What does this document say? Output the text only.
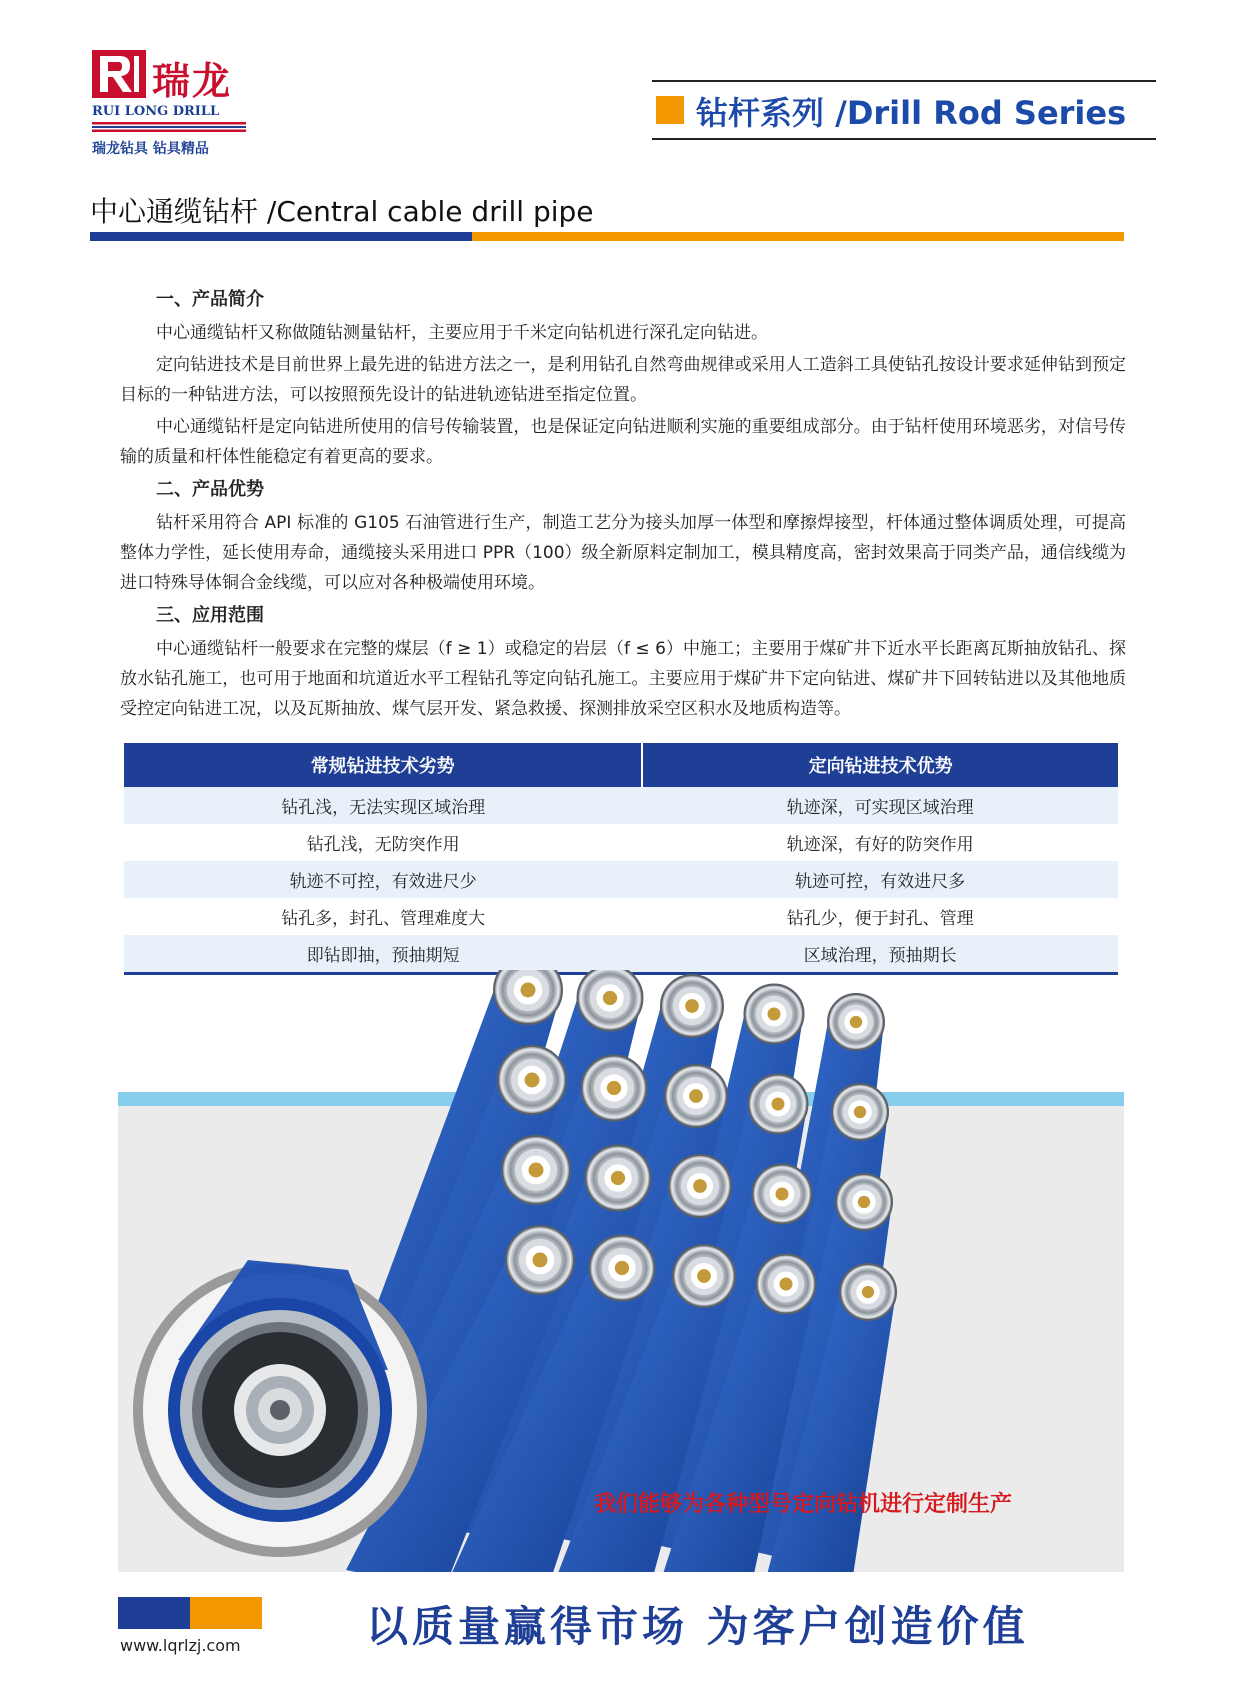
瑞龙
RUI LONG DRILL
瑞龙钻具 钻具精品
钻杆系列 /Drill Rod Series
中心通缆钻杆 /Central cable drill pipe
一、产品简介
中心通缆钻杆又称做随钻测量钻杆，主要应用于千米定向钻机进行深孔定向钻进。
定向钻进技术是目前世界上最先进的钻进方法之一，是利用钻孔自然弯曲规律或采用人工造斜工具使钻孔按设计要求延伸钻到预定目标的一种钻进方法，可以按照预先设计的钻进轨迹钻进至指定位置。
中心通缆钻杆是定向钻进所使用的信号传输装置，也是保证定向钻进顺利实施的重要组成部分。由于钻杆使用环境恶劣，对信号传输的质量和杆体性能稳定有着更高的要求。
二、产品优势
钻杆采用符合 API 标准的 G105 石油管进行生产，制造工艺分为接头加厚一体型和摩擦焊接型，杆体通过整体调质处理，可提高整体力学性，延长使用寿命，通缆接头采用进口 PPR（100）级全新原料定制加工，模具精度高，密封效果高于同类产品，通信线缆为进口特殊导体铜合金线缆，可以应对各种极端使用环境。
三、应用范围
中心通缆钻杆一般要求在完整的煤层（f ≥ 1）或稳定的岩层（f ≤ 6）中施工；主要用于煤矿井下近水平长距离瓦斯抽放钻孔、探放水钻孔施工，也可用于地面和坑道近水平工程钻孔等定向钻孔施工。主要应用于煤矿井下定向钻进、煤矿井下回转钻进以及其他地质受控定向钻进工况，以及瓦斯抽放、煤气层开发、紧急救援、探测排放采空区积水及地质构造等。
常规钻进技术劣势	定向钻进技术优势
钻孔浅，无法实现区域治理	轨迹深，可实现区域治理
钻孔浅，无防突作用	轨迹深，有好的防突作用
轨迹不可控，有效进尺少	轨迹可控，有效进尺多
钻孔多，封孔、管理难度大	钻孔少，便于封孔、管理
即钻即抽，预抽期短	区域治理，预抽期长
我们能够为各种型号定向钻机进行定制生产
www.lqrlzj.com	以质量赢得市场 为客户创造价值
